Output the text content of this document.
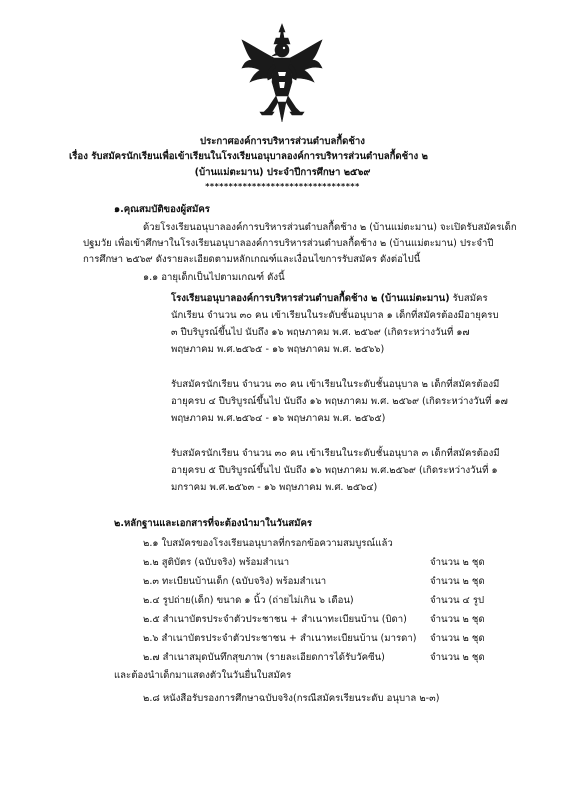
ประกาศองค์การบริหารส่วนตำบลกื้ดช้าง
เรื่อง รับสมัครนักเรียนเพื่อเข้าเรียนในโรงเรียนอนุบาลองค์การบริหารส่วนตำบลกื้ดช้าง ๒
(บ้านแม่ตะมาน) ประจำปีการศึกษา ๒๕๖๙
*********************************
๑.คุณสมบัติของผู้สมัคร
ด้วยโรงเรียนอนุบาลองค์การบริหารส่วนตำบลกื้ดช้าง ๒ (บ้านแม่ตะมาน) จะเปิดรับสมัครเด็ก
ปฐมวัย เพื่อเข้าศึกษาในโรงเรียนอนุบาลองค์การบริหารส่วนตำบลกื้ดช้าง ๒ (บ้านแม่ตะมาน) ประจำปี
การศึกษา ๒๕๖๙ ดังรายละเอียดตามหลักเกณฑ์และเงื่อนไขการรับสมัคร ดังต่อไปนี้
๑.๑ อายุเด็กเป็นไปตามเกณฑ์ ดังนี้
โรงเรียนอนุบาลองค์การบริหารส่วนตำบลกื้ดช้าง ๒ (บ้านแม่ตะมาน) รับสมัคร
นักเรียน จำนวน ๓๐ คน เข้าเรียนในระดับชั้นอนุบาล ๑ เด็กที่สมัครต้องมีอายุครบ
๓ ปีบริบูรณ์ขึ้นไป นับถึง ๑๖ พฤษภาคม พ.ศ. ๒๕๖๙ (เกิดระหว่างวันที่ ๑๗
พฤษภาคม พ.ศ.๒๕๖๕ - ๑๖ พฤษภาคม พ.ศ. ๒๕๖๖)
รับสมัครนักเรียน จำนวน ๓๐ คน เข้าเรียนในระดับชั้นอนุบาล ๒ เด็กที่สมัครต้องมี
อายุครบ ๔ ปีบริบูรณ์ขึ้นไป นับถึง ๑๖ พฤษภาคม พ.ศ. ๒๕๖๙ (เกิดระหว่างวันที่ ๑๗
พฤษภาคม พ.ศ.๒๕๖๔ - ๑๖ พฤษภาคม พ.ศ. ๒๕๖๕)
รับสมัครนักเรียน จำนวน ๓๐ คน เข้าเรียนในระดับชั้นอนุบาล ๓ เด็กที่สมัครต้องมี
อายุครบ ๕ ปีบริบูรณ์ขึ้นไป นับถึง ๑๖ พฤษภาคม พ.ศ.๒๕๖๙ (เกิดระหว่างวันที่ ๑
มกราคม พ.ศ.๒๕๖๓ - ๑๖ พฤษภาคม พ.ศ. ๒๕๖๔)
๒.หลักฐานและเอกสารที่จะต้องนำมาในวันสมัคร
๒.๑ ใบสมัครของโรงเรียนอนุบาลที่กรอกข้อความสมบูรณ์แล้ว
๒.๒ สูติบัตร (ฉบับจริง) พร้อมสำเนา	จำนวน ๒ ชุด
๒.๓ ทะเบียนบ้านเด็ก (ฉบับจริง) พร้อมสำเนา	จำนวน ๒ ชุด
๒.๔ รูปถ่าย(เด็ก) ขนาด ๑ นิ้ว (ถ่ายไม่เกิน ๖ เดือน)	จำนวน ๔ รูป
๒.๕ สำเนาบัตรประจำตัวประชาชน + สำเนาทะเบียนบ้าน (บิดา) จำนวน ๒ ชุด
๒.๖ สำเนาบัตรประจำตัวประชาชน + สำเนาทะเบียนบ้าน (มารดา) จำนวน ๒ ชุด
๒.๗ สำเนาสมุดบันทึกสุขภาพ (รายละเอียดการได้รับวัคซีน)	จำนวน ๒ ชุด
และต้องนำเด็กมาแสดงตัวในวันยื่นใบสมัคร
๒.๘ หนังสือรับรองการศึกษาฉบับจริง(กรณีสมัครเรียนระดับ อนุบาล ๒-๓)
